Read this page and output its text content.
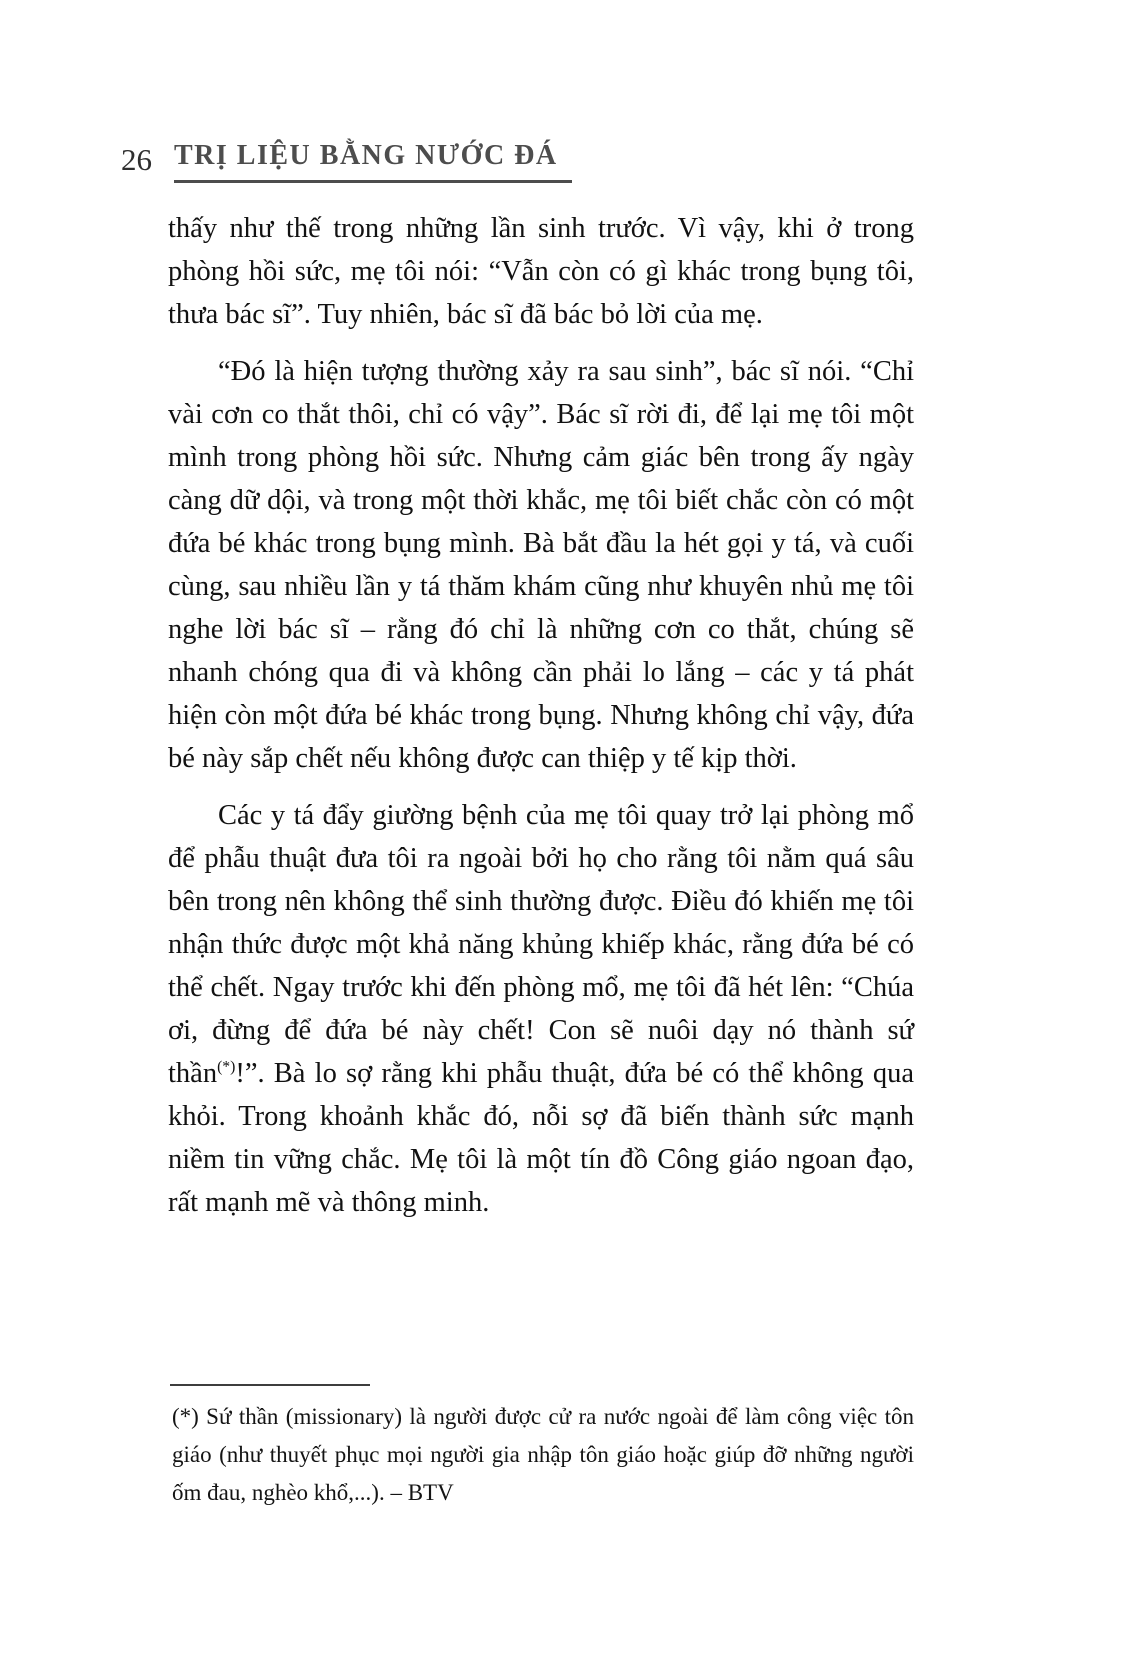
26 TRỊ LIỆU BẰNG NƯỚC ĐÁ

thấy như thế trong những lần sinh trước. Vì vậy, khi ở trong phòng hồi sức, mẹ tôi nói: “Vẫn còn có gì khác trong bụng tôi, thưa bác sĩ”. Tuy nhiên, bác sĩ đã bác bỏ lời của mẹ.

“Đó là hiện tượng thường xảy ra sau sinh”, bác sĩ nói. “Chỉ vài cơn co thắt thôi, chỉ có vậy”. Bác sĩ rời đi, để lại mẹ tôi một mình trong phòng hồi sức. Nhưng cảm giác bên trong ấy ngày càng dữ dội, và trong một thời khắc, mẹ tôi biết chắc còn có một đứa bé khác trong bụng mình. Bà bắt đầu la hét gọi y tá, và cuối cùng, sau nhiều lần y tá thăm khám cũng như khuyên nhủ mẹ tôi nghe lời bác sĩ – rằng đó chỉ là những cơn co thắt, chúng sẽ nhanh chóng qua đi và không cần phải lo lắng – các y tá phát hiện còn một đứa bé khác trong bụng. Nhưng không chỉ vậy, đứa bé này sắp chết nếu không được can thiệp y tế kịp thời.

Các y tá đẩy giường bệnh của mẹ tôi quay trở lại phòng mổ để phẫu thuật đưa tôi ra ngoài bởi họ cho rằng tôi nằm quá sâu bên trong nên không thể sinh thường được. Điều đó khiến mẹ tôi nhận thức được một khả năng khủng khiếp khác, rằng đứa bé có thể chết. Ngay trước khi đến phòng mổ, mẹ tôi đã hét lên: “Chúa ơi, đừng để đứa bé này chết! Con sẽ nuôi dạy nó thành sứ thần(*)!”. Bà lo sợ rằng khi phẫu thuật, đứa bé có thể không qua khỏi. Trong khoảnh khắc đó, nỗi sợ đã biến thành sức mạnh niềm tin vững chắc. Mẹ tôi là một tín đồ Công giáo ngoan đạo, rất mạnh mẽ và thông minh.

(*) Sứ thần (missionary) là người được cử ra nước ngoài để làm công việc tôn giáo (như thuyết phục mọi người gia nhập tôn giáo hoặc giúp đỡ những người ốm đau, nghèo khổ,...). – BTV
